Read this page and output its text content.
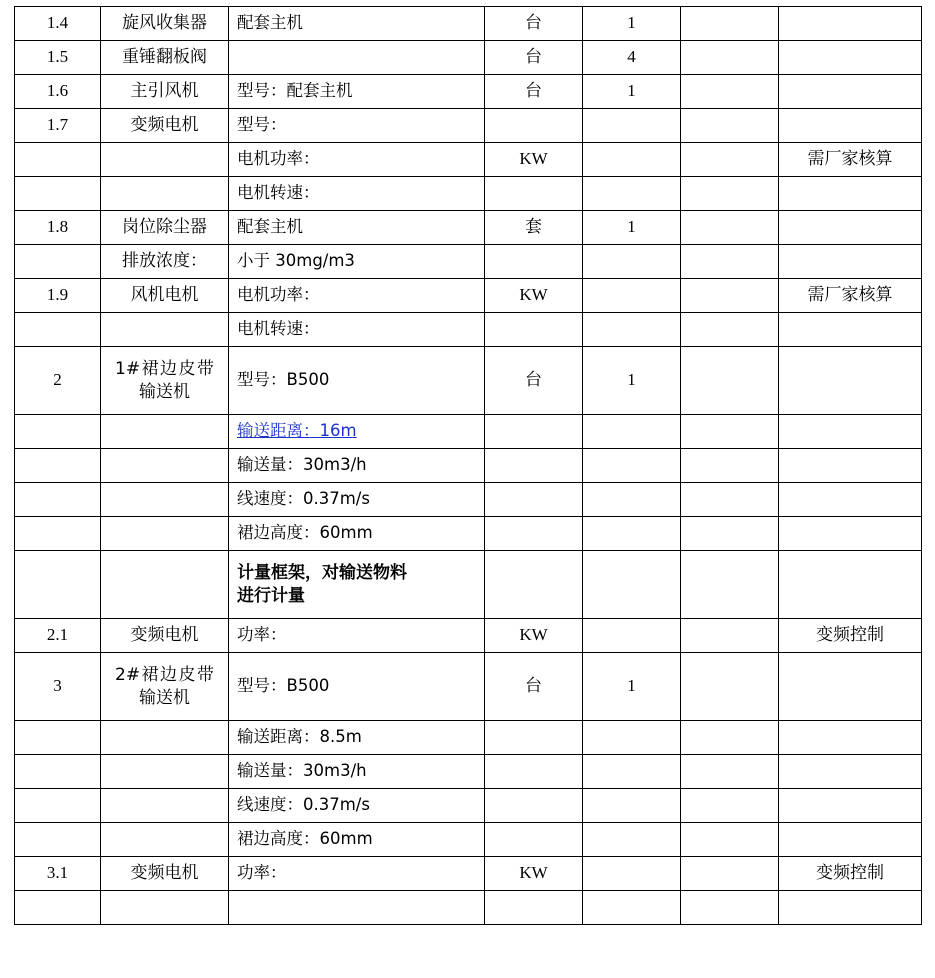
1.4	旋风收集器	配套主机	台	1		

1.5	重锤翻板阀		台	4		

1.6	主引风机	型号：配套主机	台	1		

1.7	变频电机	型号：				

		电机功率：	KW			需厂家核算

		电机转速：				

1.8	岗位除尘器	配套主机	套	1		

	排放浓度：	小于 30mg/m3				

1.9	风机电机	电机功率：	KW			需厂家核算

		电机转速：				

2	1#裙边皮带
输送机	型号：B500	台	1		

		输送距离：16m				

		输送量：30m3/h				

		线速度：0.37m/s				

		裙边高度：60mm				

		计量框架，对输送物料
进行计量				

2.1	变频电机	功率：	KW			变频控制

3	2#裙边皮带
输送机	型号：B500	台	1		

		输送距离：8.5m				

		输送量：30m3/h				

		线速度：0.37m/s				

		裙边高度：60mm				

3.1	变频电机	功率：	KW			变频控制
